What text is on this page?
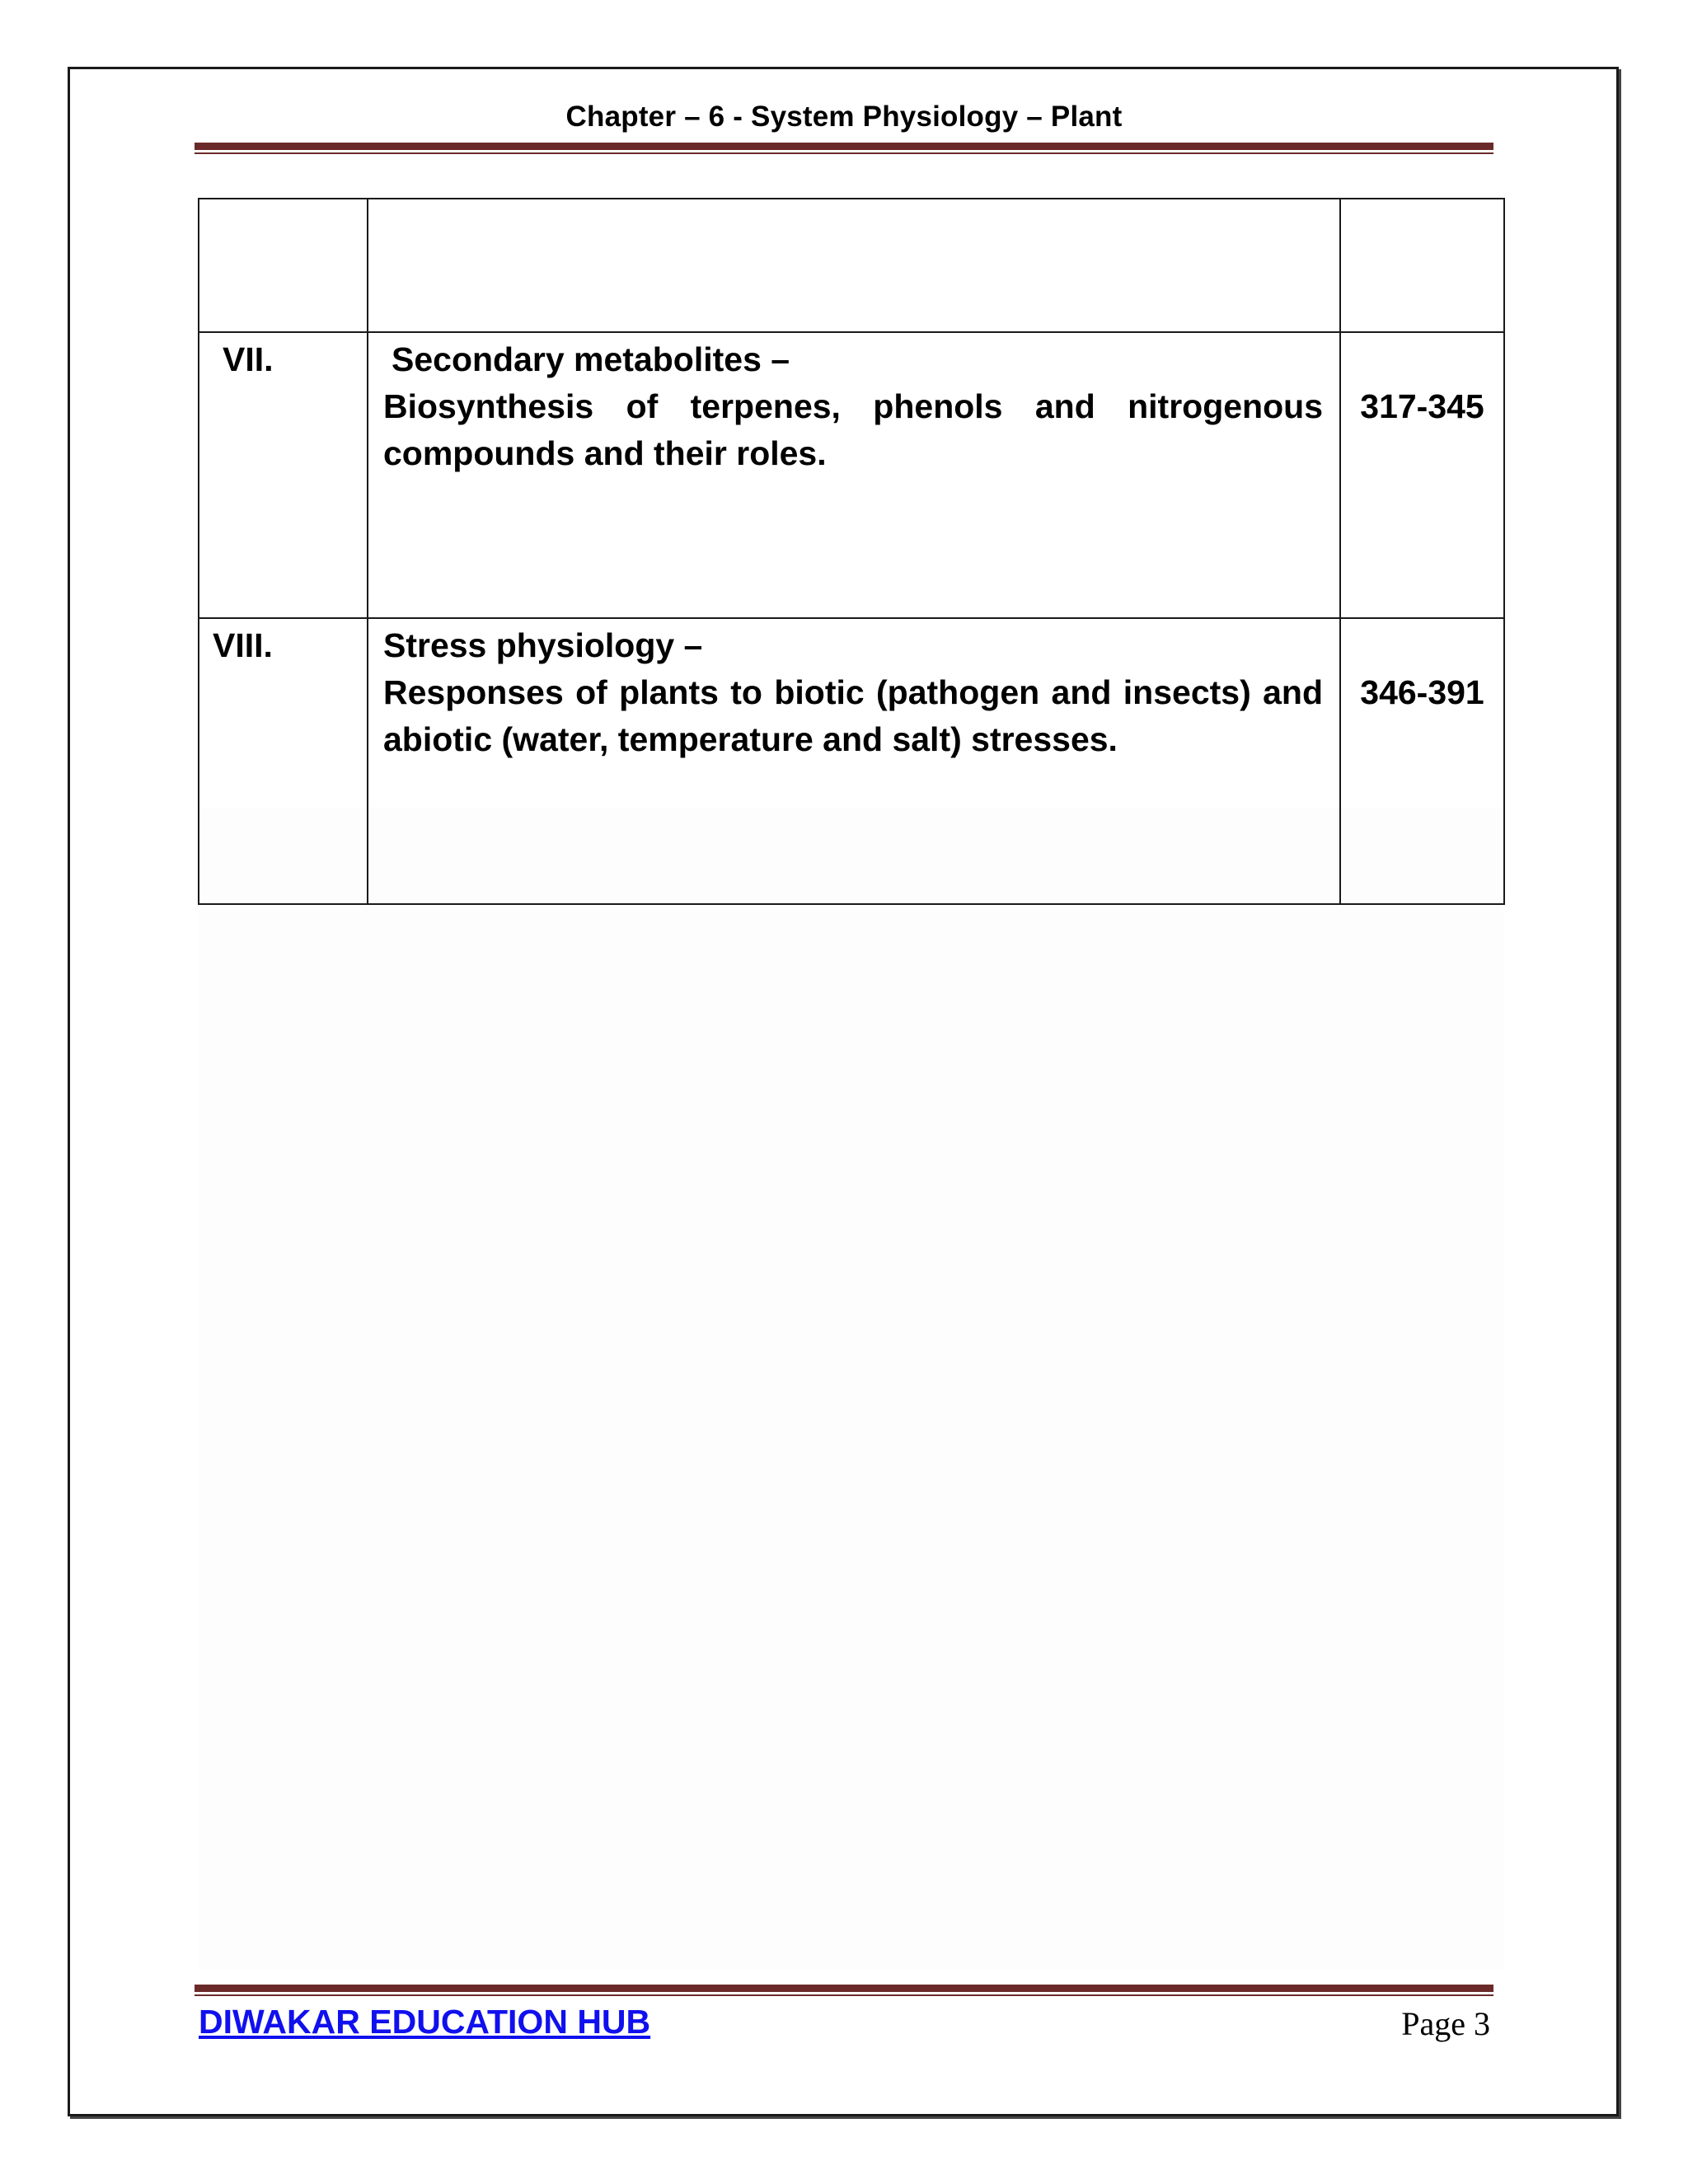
Chapter – 6 - System Physiology – Plant

VII.	Secondary metabolites –
Biosynthesis of terpenes, phenols and nitrogenous compounds and their roles.	317-345

VIII.	Stress physiology –
Responses of plants to biotic (pathogen and insects) and abiotic (water, temperature and salt) stresses.	346-391
DIWAKAR EDUCATION HUB	Page 3
